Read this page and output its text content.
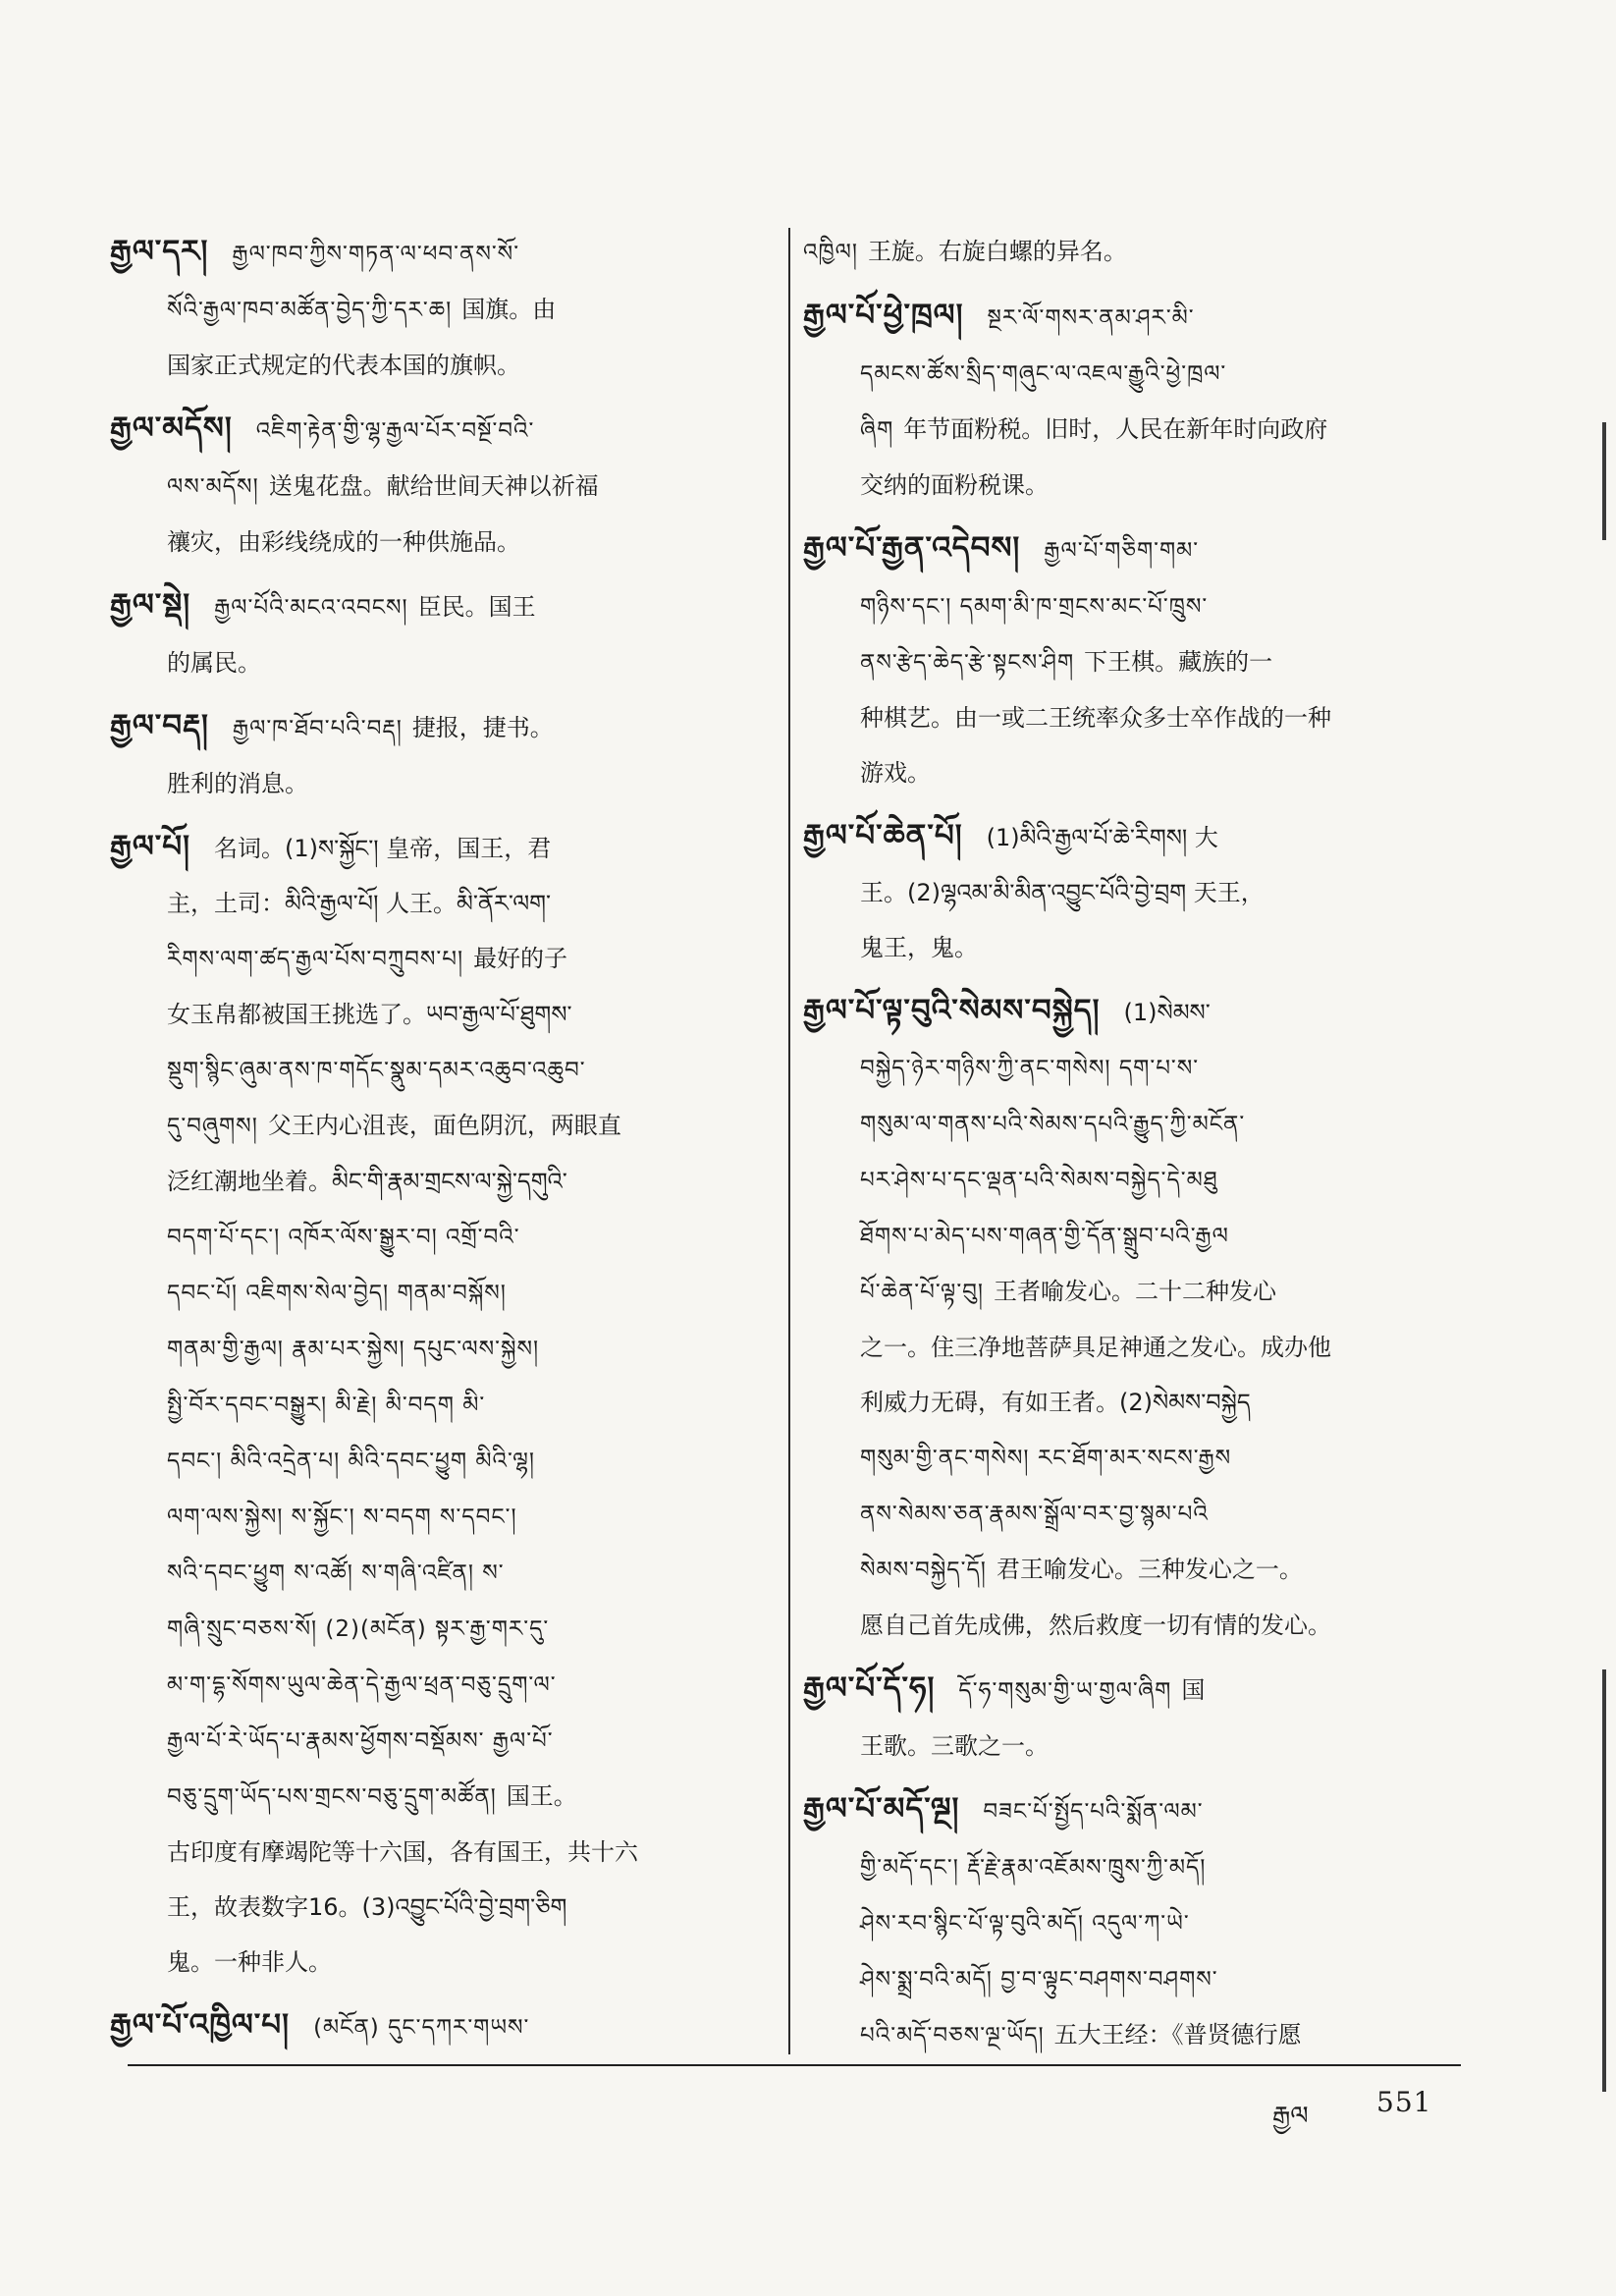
རྒྱལ་དར། རྒྱལ་ཁབ་ཀྱིས་གཏན་ལ་ཕབ་ནས་སོ་
སོའི་རྒྱལ་ཁབ་མཚོན་བྱེད་ཀྱི་དར་ཆ། 国旗。由
国家正式规定的代表本国的旗帜。
རྒྱལ་མདོས། འཇིག་རྟེན་གྱི་ལྷ་རྒྱལ་པོར་བསྔོ་བའི་
ལས་མདོས། 送鬼花盘。献给世间天神以祈福
禳灾，由彩线绕成的一种供施品。
རྒྱལ་སྡེ། རྒྱལ་པོའི་མངའ་འབངས། 臣民。国王
的属民。
རྒྱལ་བརྡ། རྒྱལ་ཁ་ཐོབ་པའི་བརྡ། 捷报，捷书。
胜利的消息。
རྒྱལ་པོ། 名词。(1)ས་སྐྱོང་། 皇帝，国王，君
主，土司：མིའི་རྒྱལ་པོ། 人王。མི་ནོར་ལག་
རིགས་ལག་ཚད་རྒྱལ་པོས་བཀྲུབས་པ། 最好的子
女玉帛都被国王挑选了。ཡབ་རྒྱལ་པོ་ཐུགས་
སྡུག་སྙིང་ཞུམ་ནས་ཁ་གདོང་སྣུམ་དམར་འཆུབ་འཆུབ་
དུ་བཞུགས། 父王内心沮丧，面色阴沉，两眼直
泛红潮地坐着。མིང་གི་རྣམ་གྲངས་ལ་སྐྱེ་དགུའི་
བདག་པོ་དང་། འཁོར་ལོས་སྒྱུར་བ། འགྲོ་བའི་
དབང་པོ། འཇིགས་སེལ་བྱེད། གནམ་བསྐོས།
གནམ་གྱི་རྒྱལ། རྣམ་པར་སྐྱེས། དཔུང་ལས་སྐྱེས།
སྤྱི་བོར་དབང་བསྒྱུར། མི་རྗེ། མི་བདག མི་
དབང་། མིའི་འདྲེན་པ། མིའི་དབང་ཕྱུག མིའི་ལྷ།
ལག་ལས་སྐྱེས། ས་སྐྱོང་། ས་བདག ས་དབང་།
སའི་དབང་ཕྱུག ས་འཚོ། ས་གཞི་འཛིན། ས་
གཞི་སྲུང་བཅས་སོ། (2)(མངོན) སྟར་རྒྱ་གར་དུ་
མ་ག་དྷ་སོགས་ཡུལ་ཆེན་དེ་རྒྱལ་ཕྲན་བཅུ་དྲུག་ལ་
རྒྱལ་པོ་རེ་ཡོད་པ་རྣམས་ཕྱོགས་བསྡོམས་ རྒྱལ་པོ་
བཅུ་དྲུག་ཡོད་པས་གྲངས་བཅུ་དྲུག་མཚོན། 国王。
古印度有摩竭陀等十六国，各有国王，共十六
王，故表数字16。(3)འབྱུང་པོའི་བྱེ་བྲག་ཅིག
鬼。一种非人。
རྒྱལ་པོ་འཁྱིལ་པ། (མངོན) དུང་དཀར་གཡས་
འཁྱིལ། 王旋。右旋白螺的异名。
རྒྱལ་པོ་ཕྱེ་ཁྲལ། སྔར་ལོ་གསར་ནམ་ཤར་མི་
དམངས་ཚོས་སྲིད་གཞུང་ལ་འཇལ་རྒྱུའི་ཕྱེ་ཁྲལ་
ཞིག 年节面粉税。旧时，人民在新年时向政府
交纳的面粉税课。
རྒྱལ་པོ་རྒྱན་འདེབས། རྒྱལ་པོ་གཅིག་གམ་
གཉིས་དང་། དམག་མི་ཁ་གྲངས་མང་པོ་ཁྲུས་
ནས་རྩེད་ཆེད་རྩེ་སྟངས་ཤིག 下王棋。藏族的一
种棋艺。由一或二王统率众多士卒作战的一种
游戏。
རྒྱལ་པོ་ཆེན་པོ། (1)མིའི་རྒྱལ་པོ་ཆེ་རིགས། 大
王。(2)ལྷའམ་མི་མིན་འབྱུང་པོའི་བྱེ་བྲག 天王，
鬼王，鬼。
རྒྱལ་པོ་ལྟ་བུའི་སེམས་བསྐྱེད། (1)སེམས་
བསྐྱེད་ཉེར་གཉིས་ཀྱི་ནང་གསེས། དག་པ་ས་
གསུམ་ལ་གནས་པའི་སེམས་དཔའི་རྒྱུད་ཀྱི་མངོན་
པར་ཤེས་པ་དང་ལྡན་པའི་སེམས་བསྐྱེད་དེ་མཐུ
ཐོགས་པ་མེད་པས་གཞན་གྱི་དོན་སྒྲུབ་པའི་རྒྱལ
པོ་ཆེན་པོ་ལྟ་བུ། 王者喻发心。二十二种发心
之一。住三净地菩萨具足神通之发心。成办他
利威力无碍，有如王者。(2)སེམས་བསྐྱེད
གསུམ་གྱི་ནང་གསེས། རང་ཐོག་མར་སངས་རྒྱས
ནས་སེམས་ཅན་རྣམས་སྒྲོལ་བར་བྱ་སྙམ་པའི
སེམས་བསྐྱེད་དོ། 君王喻发心。三种发心之一。
愿自己首先成佛，然后救度一切有情的发心。
རྒྱལ་པོ་དོ་ཧ། དོ་ཧ་གསུམ་གྱི་ཡ་གྱལ་ཞིག 国
王歌。三歌之一。
རྒྱལ་པོ་མདོ་ལྔ། བཟང་པོ་སྤྱོད་པའི་སྨོན་ལམ་
གྱི་མདོ་དང་། རྡོ་རྗེ་རྣམ་འཇོམས་ཁྲུས་ཀྱི་མདོ།
ཤེས་རབ་སྙིང་པོ་ལྟ་བུའི་མདོ། འདུལ་ཀ་ཡེ་
ཤེས་སྨྲ་བའི་མདོ། བྱ་བ་ལྟུང་བཤགས་བཤགས་
པའི་མདོ་བཅས་ལྔ་ཡོད། 五大王经：《普贤德行愿
རྒྱལ 551
